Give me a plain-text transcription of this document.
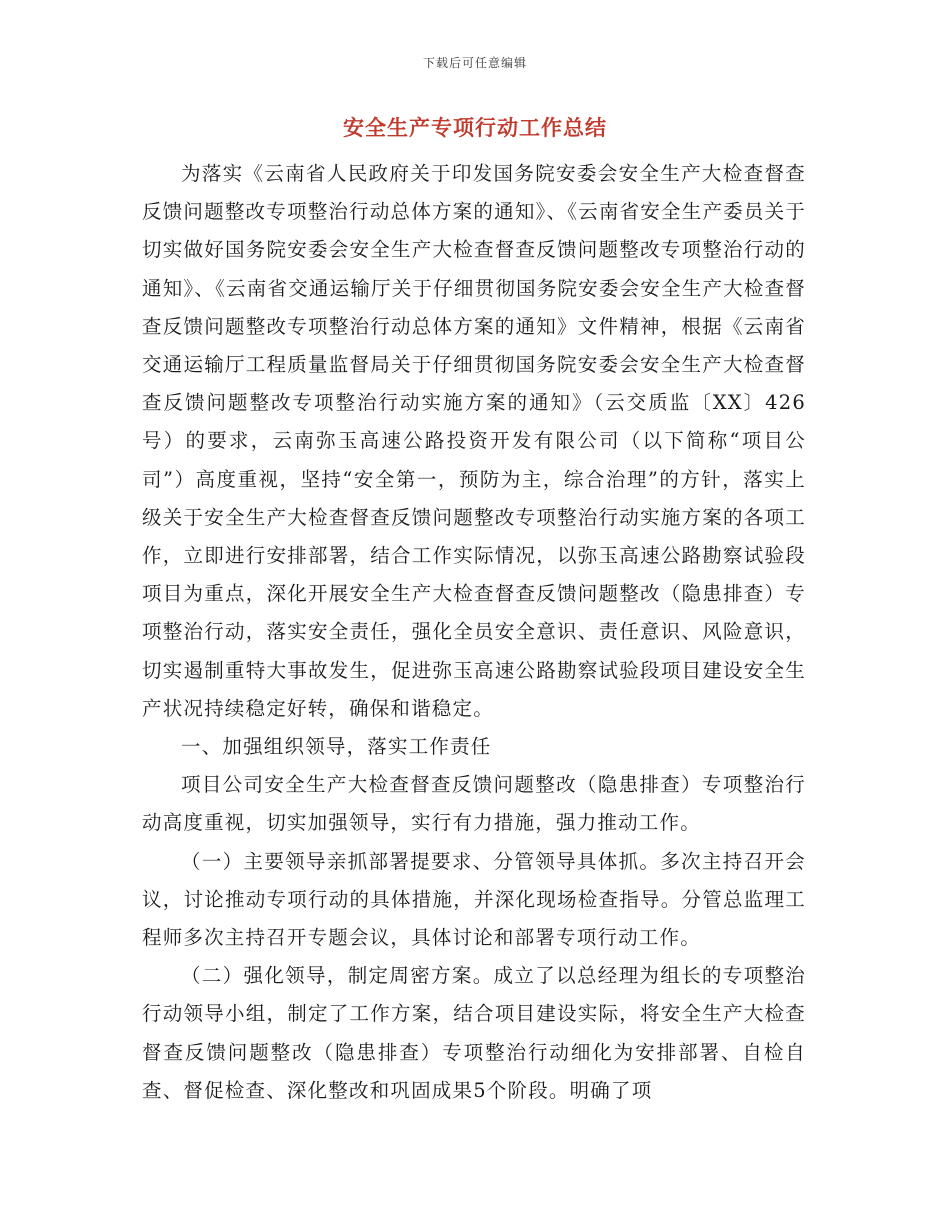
下载后可任意编辑
安全生产专项行动工作总结

为落实《云南省人民政府关于印发国务院安委会安全生产大检查督查反馈问题整改专项整治行动总体方案的通知》、《云南省安全生产委员关于切实做好国务院安委会安全生产大检查督查反馈问题整改专项整治行动的通知》、《云南省交通运输厅关于仔细贯彻国务院安委会安全生产大检查督查反馈问题整改专项整治行动总体方案的通知》文件精神，根据《云南省交通运输厅工程质量监督局关于仔细贯彻国务院安委会安全生产大检查督查反馈问题整改专项整治行动实施方案的通知》（云交质监〔XX〕426号）的要求，云南弥玉高速公路投资开发有限公司（以下简称“项目公司”）高度重视，坚持“安全第一，预防为主，综合治理”的方针，落实上级关于安全生产大检查督查反馈问题整改专项整治行动实施方案的各项工作，立即进行安排部署，结合工作实际情况，以弥玉高速公路勘察试验段项目为重点，深化开展安全生产大检查督查反馈问题整改（隐患排查）专项整治行动，落实安全责任，强化全员安全意识、责任意识、风险意识，切实遏制重特大事故发生，促进弥玉高速公路勘察试验段项目建设安全生产状况持续稳定好转，确保和谐稳定。

一、加强组织领导，落实工作责任

项目公司安全生产大检查督查反馈问题整改（隐患排查）专项整治行动高度重视，切实加强领导，实行有力措施，强力推动工作。

（一）主要领导亲抓部署提要求、分管领导具体抓。多次主持召开会议，讨论推动专项行动的具体措施，并深化现场检查指导。分管总监理工程师多次主持召开专题会议，具体讨论和部署专项行动工作。

（二）强化领导，制定周密方案。成立了以总经理为组长的专项整治行动领导小组，制定了工作方案，结合项目建设实际，将安全生产大检查督查反馈问题整改（隐患排查）专项整治行动细化为安排部署、自检自查、督促检查、深化整改和巩固成果5个阶段。明确了项
